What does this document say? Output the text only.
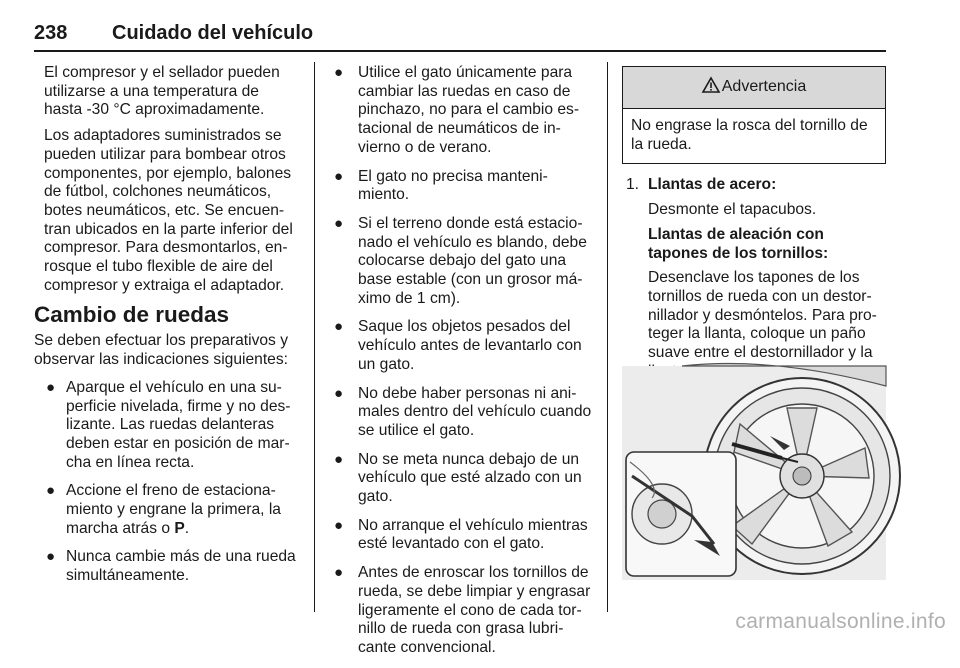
238 Cuidado del vehículo

El compresor y el sellador pueden utilizarse a una temperatura de hasta -30 °C aproximadamente.

Los adaptadores suministrados se pueden utilizar para bombear otros componentes, por ejemplo, balones de fútbol, colchones neumáticos, botes neumáticos, etc. Se encuen-tran ubicados en la parte inferior del compresor. Para desmontarlos, en-rosque el tubo flexible de aire del compresor y extraiga el adaptador.

Cambio de ruedas

Se deben efectuar los preparativos y observar las indicaciones siguientes:

● Aparque el vehículo en una su-perficie nivelada, firme y no des-lizante. Las ruedas delanteras deben estar en posición de mar-cha en línea recta.
● Accione el freno de estaciona-miento y engrane la primera, la marcha atrás o P.
● Nunca cambie más de una rueda simultáneamente.
● Utilice el gato únicamente para cambiar las ruedas en caso de pinchazo, no para el cambio es-tacional de neumáticos de in-vierno o de verano.
● El gato no precisa manteni-miento.
● Si el terreno donde está estacio-nado el vehículo es blando, debe colocarse debajo del gato una base estable (con un grosor má-ximo de 1 cm).
● Saque los objetos pesados del vehículo antes de levantarlo con un gato.
● No debe haber personas ni ani-males dentro del vehículo cuando se utilice el gato.
● No se meta nunca debajo de un vehículo que esté alzado con un gato.
● No arranque el vehículo mientras esté levantado con el gato.
● Antes de enroscar los tornillos de rueda, se debe limpiar y engrasar ligeramente el cono de cada tor-nillo de rueda con grasa lubri-cante convencional.
Advertencia
No engrase la rosca del tornillo de la rueda.
1. Llantas de acero:

Desmonte el tapacubos.

Llantas de aleación con tapones de los tornillos:

Desenclave los tapones de los tornillos de rueda con un destor-nillador y desmóntelos. Para pro-teger la llanta, coloque un paño suave entre el destornillador y la

carmanualsonline.info
